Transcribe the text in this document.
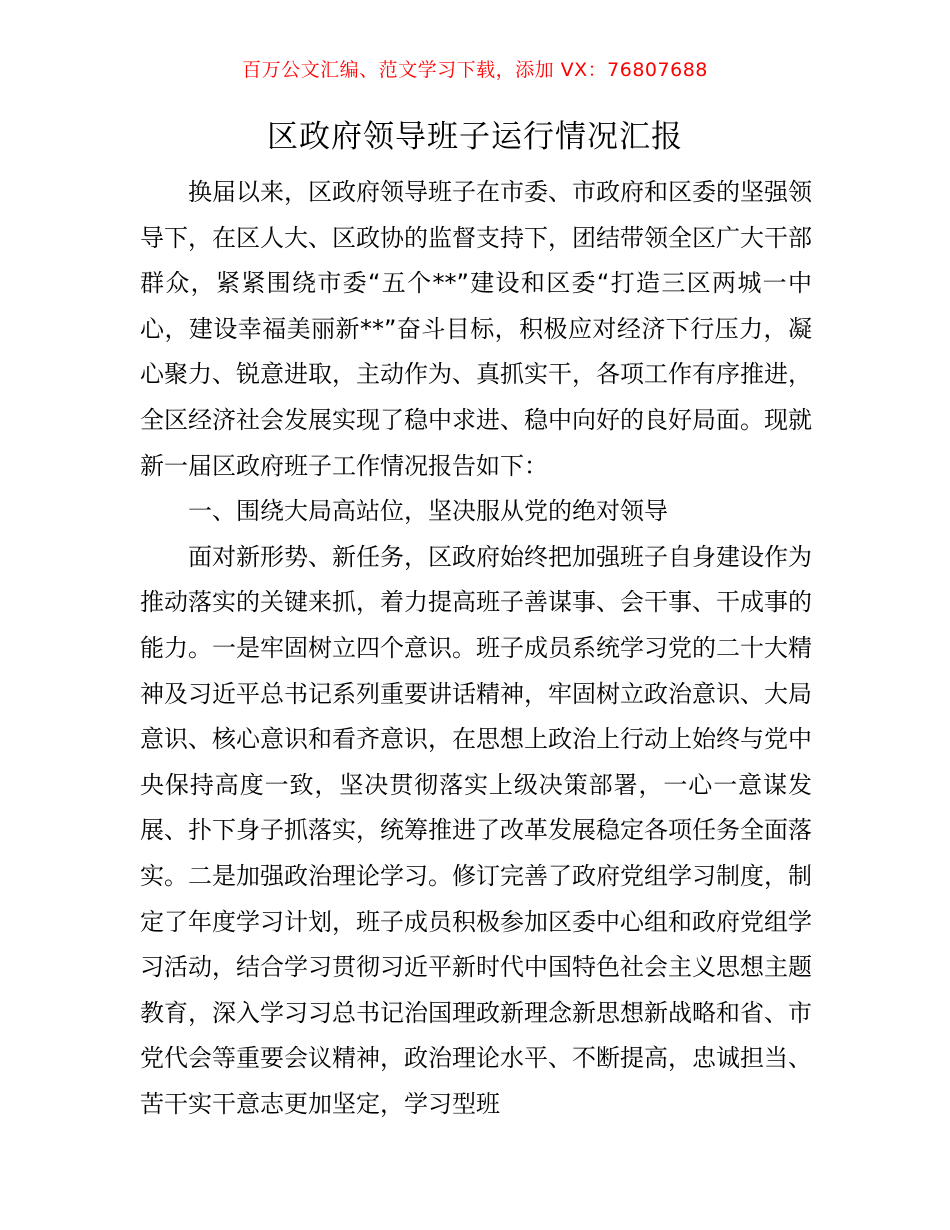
百万公文汇编、范文学习下载，添加 VX：76807688
区政府领导班子运行情况汇报

换届以来，区政府领导班子在市委、市政府和区委的坚强领导下，在区人大、区政协的监督支持下，团结带领全区广大干部群众，紧紧围绕市委“五个**”建设和区委“打造三区两城一中心，建设幸福美丽新**”奋斗目标，积极应对经济下行压力，凝心聚力、锐意进取，主动作为、真抓实干，各项工作有序推进，全区经济社会发展实现了稳中求进、稳中向好的良好局面。现就新一届区政府班子工作情况报告如下：

一、围绕大局高站位，坚决服从党的绝对领导

面对新形势、新任务，区政府始终把加强班子自身建设作为推动落实的关键来抓，着力提高班子善谋事、会干事、干成事的能力。一是牢固树立四个意识。班子成员系统学习党的二十大精神及习近平总书记系列重要讲话精神，牢固树立政治意识、大局意识、核心意识和看齐意识，在思想上政治上行动上始终与党中央保持高度一致，坚决贯彻落实上级决策部署，一心一意谋发展、扑下身子抓落实，统筹推进了改革发展稳定各项任务全面落实。二是加强政治理论学习。修订完善了政府党组学习制度，制定了年度学习计划，班子成员积极参加区委中心组和政府党组学习活动，结合学习贯彻习近平新时代中国特色社会主义思想主题教育，深入学习习总书记治国理政新理念新思想新战略和省、市党代会等重要会议精神，政治理论水平、不断提高，忠诚担当、苦干实干意志更加坚定，学习型班
